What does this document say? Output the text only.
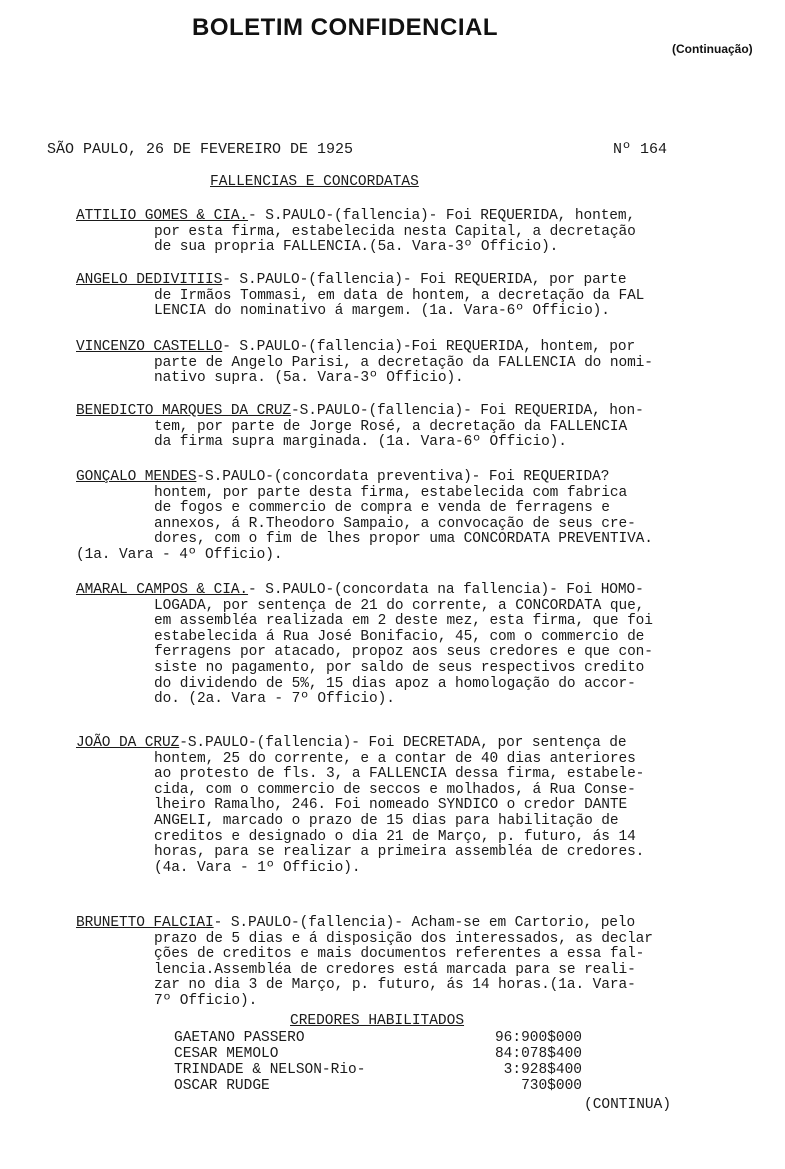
BOLETIM CONFIDENCIAL
(Continuação)
SÃO PAULO, 26 DE FEVEREIRO DE 1925	Nº 164
FALLENCIAS E CONCORDATAS
ATTILIO GOMES & CIA.- S.PAULO-(fallencia)- Foi REQUERIDA, hontem,
por esta firma, estabelecida nesta Capital, a decretação
de sua propria FALLENCIA.(5a. Vara-3º Officio).
ANGELO DEDIVITIIS- S.PAULO-(fallencia)- Foi REQUERIDA, por parte
de Irmãos Tommasi, em data de hontem, a decretação da FAL
LENCIA do nominativo á margem. (1a. Vara-6º Officio).
VINCENZO CASTELLO- S.PAULO-(fallencia)-Foi REQUERIDA, hontem, por
parte de Angelo Parisi, a decretação da FALLENCIA do nomi-
nativo supra. (5a. Vara-3º Officio).
BENEDICTO MARQUES DA CRUZ-S.PAULO-(fallencia)- Foi REQUERIDA, hon-
tem, por parte de Jorge Rosé, a decretação da FALLENCIA
da firma supra marginada. (1a. Vara-6º Officio).
GONÇALO MENDES-S.PAULO-(concordata preventiva)- Foi REQUERIDA?
hontem, por parte desta firma, estabelecida com fabrica
de fogos e commercio de compra e venda de ferragens e
annexos, á R.Theodoro Sampaio, a convocação de seus cre-
dores, com o fim de lhes propor uma CONCORDATA PREVENTIVA.
(1a. Vara - 4º Officio).
AMARAL CAMPOS & CIA.- S.PAULO-(concordata na fallencia)- Foi HOMO-
LOGADA, por sentença de 21 do corrente, a CONCORDATA que,
em assembléa realizada em 2 deste mez, esta firma, que foi
estabelecida á Rua José Bonifacio, 45, com o commercio de
ferragens por atacado, propoz aos seus credores e que con-
siste no pagamento, por saldo de seus respectivos credito
do dividendo de 5%, 15 dias apoz a homologação do accor-
do. (2a. Vara - 7º Officio).
JOÃO DA CRUZ-S.PAULO-(fallencia)- Foi DECRETADA, por sentença de
hontem, 25 do corrente, e a contar de 40 dias anteriores
ao protesto de fls. 3, a FALLENCIA dessa firma, estabele-
cida, com o commercio de seccos e molhados, á Rua Conse-
lheiro Ramalho, 246. Foi nomeado SYNDICO o credor DANTE
ANGELI, marcado o prazo de 15 dias para habilitação de
creditos e designado o dia 21 de Março, p. futuro, ás 14
horas, para se realizar a primeira assembléa de credores.
(4a. Vara - 1º Officio).
BRUNETTO FALCIAI- S.PAULO-(fallencia)- Acham-se em Cartorio, pelo
prazo de 5 dias e á disposição dos interessados, as declar
ções de creditos e mais documentos referentes a essa fal-
lencia.Assembléa de credores está marcada para se reali-
zar no dia 3 de Março, p. futuro, ás 14 horas.(1a. Vara-
7º Officio).
CREDORES HABILITADOS
GAETANO PASSERO	96:900$000
CESAR MEMOLO	84:078$400
TRINDADE & NELSON-Rio-	3:928$400
OSCAR RUDGE	730$000
(CONTINUA)
